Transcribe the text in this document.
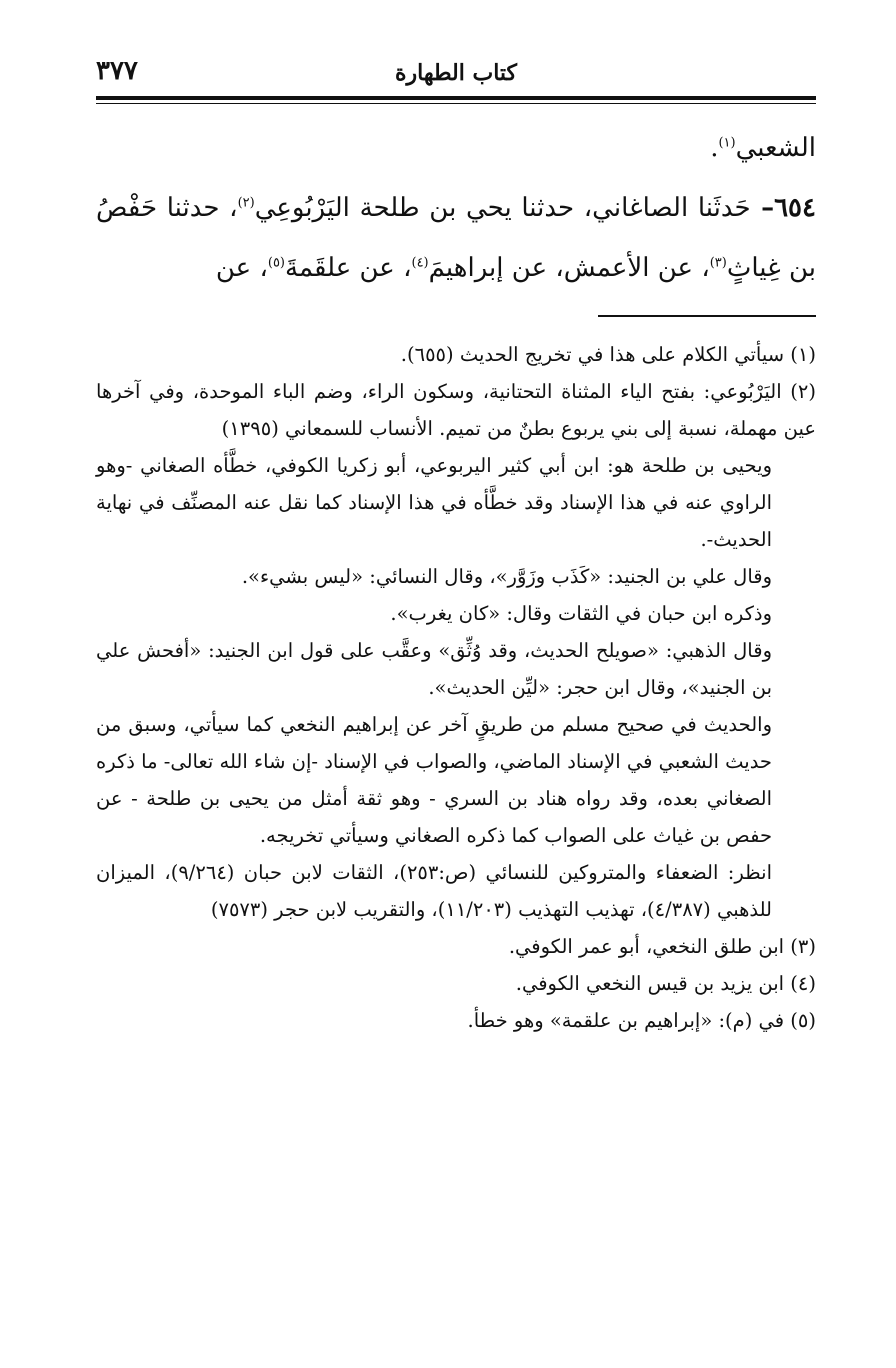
٣٧٧	كتاب الطهارة

الشعبي$^{(١)}$.

٦٥٤– حَدثَنا الصاغاني، حدثنا يحي بن طلحة اليَرْبُوعِي$^{(٢)}$، حدثنا حَفْصُ بن غِياثٍ$^{(٣)}$، عن الأعمش، عن إبراهيمَ$^{(٤)}$، عن علقَمةَ$^{(٥)}$، عن

(١) سيأتي الكلام على هذا في تخريج الحديث (٦٥٥).

(٢) اليَرْبُوعي: بفتح الياء المثناة التحتانية، وسكون الراء، وضم الباء الموحدة، وفي آخرها عين مهملة، نسبة إلى بني يربوع بطنٌ من تميم. الأنساب للسمعاني (١٣٩٥)

ويحيى بن طلحة هو: ابن أبي كثير اليربوعي، أبو زكريا الكوفي، خطَّأه الصغاني -وهو الراوي عنه في هذا الإسناد وقد خطَّأه في هذا الإسناد كما نقل عنه المصنِّف في نهاية الحديث-.

وقال علي بن الجنيد: «كَذَب وزَوَّر»، وقال النسائي: «ليس بشيء».

وذكره ابن حبان في الثقات وقال: «كان يغرب».

وقال الذهبي: «صويلح الحديث، وقد وُثِّق» وعقَّب على قول ابن الجنيد: «أفحش علي بن الجنيد»، وقال ابن حجر: «ليِّن الحديث».

والحديث في صحيح مسلم من طريقٍ آخر عن إبراهيم النخعي كما سيأتي، وسبق من حديث الشعبي في الإسناد الماضي، والصواب في الإسناد -إن شاء الله تعالى- ما ذكره الصغاني بعده، وقد رواه هناد بن السري - وهو ثقة أمثل من يحيى بن طلحة - عن حفص بن غياث على الصواب كما ذكره الصغاني وسيأتي تخريجه.

انظر: الضعفاء والمتروكين للنسائي (ص:٢٥٣)، الثقات لابن حبان (٩/٢٦٤)، الميزان للذهبي (٤/٣٨٧)، تهذيب التهذيب (١١/٢٠٣)، والتقريب لابن حجر (٧٥٧٣)

(٣) ابن طلق النخعي، أبو عمر الكوفي.

(٤) ابن يزيد بن قيس النخعي الكوفي.

(٥) في (م): «إبراهيم بن علقمة» وهو خطأ.
